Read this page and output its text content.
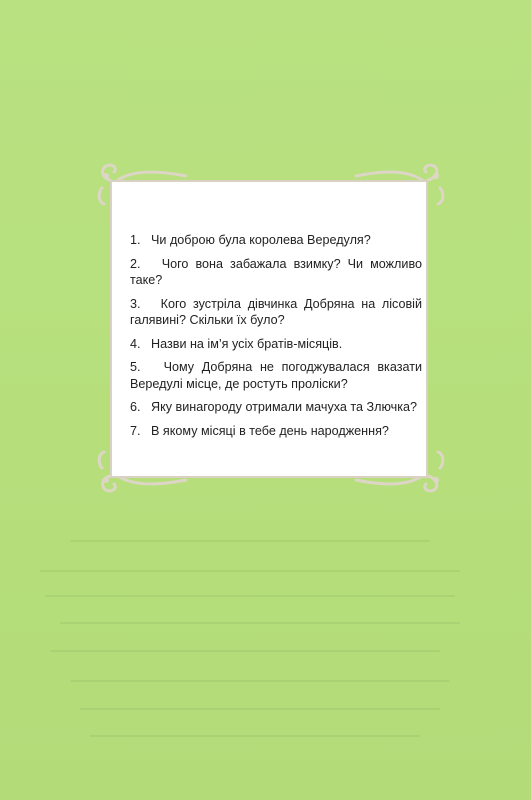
1. Чи доброю була королева Вередуля?
2. Чого вона забажала взимку? Чи можливо таке?
3. Кого зустріла дівчинка Добряна на лісовій галявині? Скільки їх було?
4. Назви на ім’я усіх братів-місяців.
5. Чому Добряна не погоджувалася вказати Вередулі місце, де ростуть проліски?
6. Яку винагороду отримали мачуха та Злючка?
7. В якому місяці в тебе день народження?
